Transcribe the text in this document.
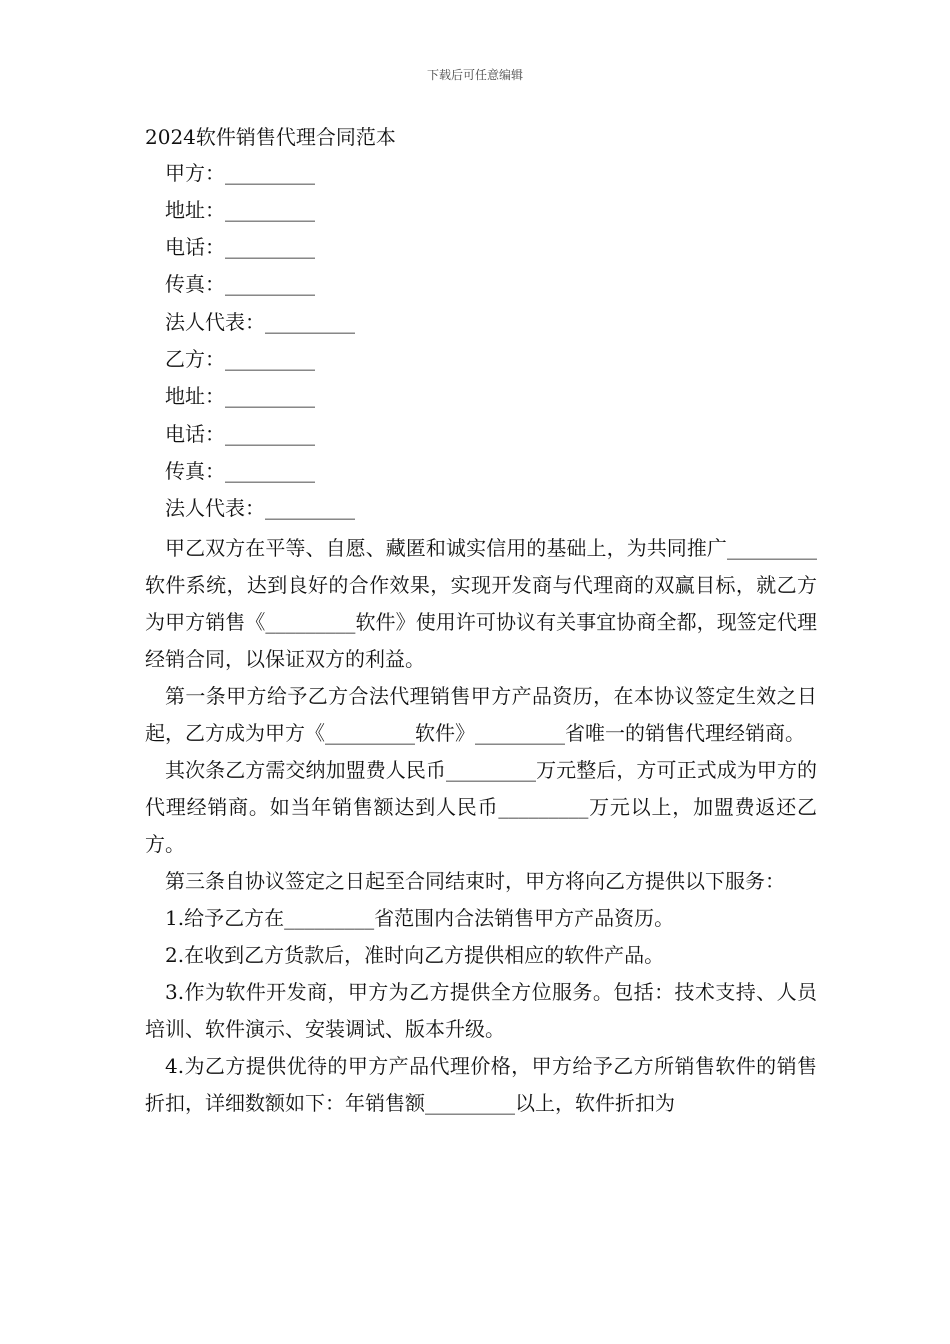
下载后可任意编辑
2024软件销售代理合同范本
甲方：_________
地址：_________
电话：_________
传真：_________
法人代表：_________
乙方：_________
地址：_________
电话：_________
传真：_________
法人代表：_________

甲乙双方在平等、自愿、藏匿和诚实信用的基础上，为共同推广_________软件系统，达到良好的合作效果，实现开发商与代理商的双赢目标，就乙方为甲方销售《_________软件》使用许可协议有关事宜协商全都，现签定代理经销合同，以保证双方的利益。

第一条甲方给予乙方合法代理销售甲方产品资历，在本协议签定生效之日起，乙方成为甲方《_________软件》_________省唯一的销售代理经销商。

其次条乙方需交纳加盟费人民币_________万元整后，方可正式成为甲方的代理经销商。如当年销售额达到人民币_________万元以上，加盟费返还乙方。

第三条自协议签定之日起至合同结束时，甲方将向乙方提供以下服务：

1.给予乙方在_________省范围内合法销售甲方产品资历。

2.在收到乙方货款后，准时向乙方提供相应的软件产品。

3.作为软件开发商，甲方为乙方提供全方位服务。包括：技术支持、人员培训、软件演示、安装调试、版本升级。

4.为乙方提供优待的甲方产品代理价格，甲方给予乙方所销售软件的销售折扣，详细数额如下：年销售额_________以上，软件折扣为
